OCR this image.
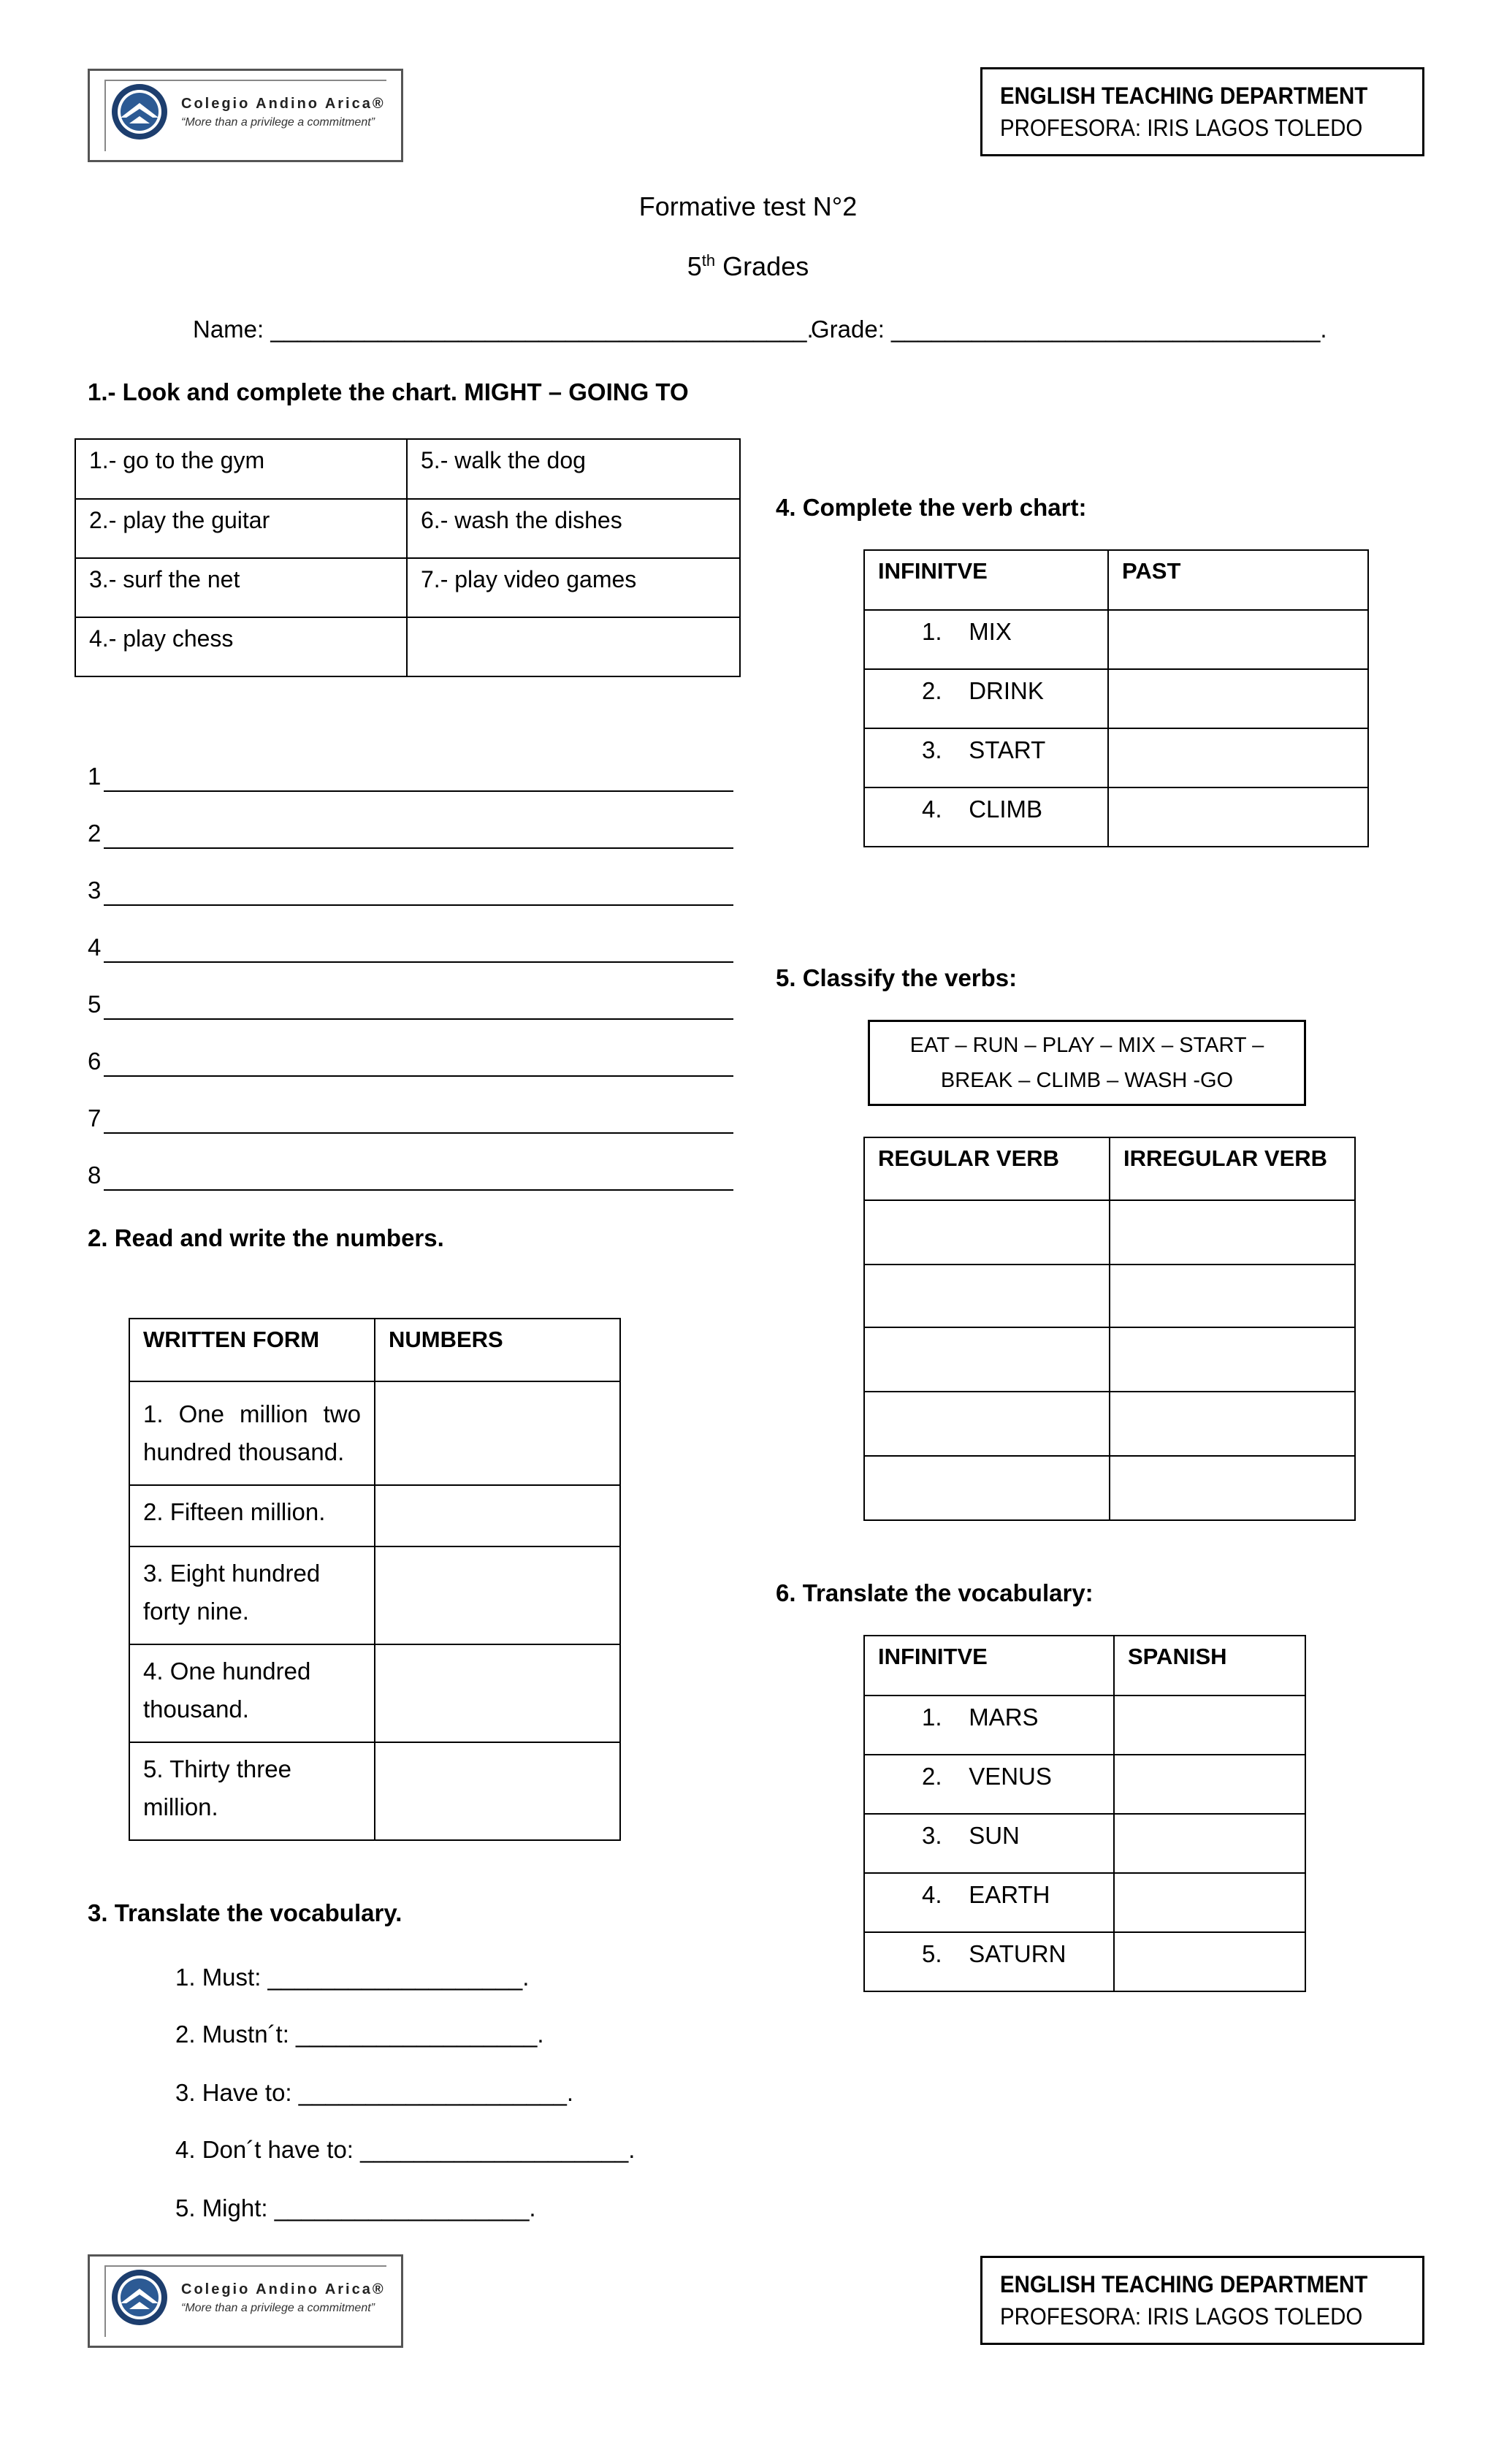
Colegio Andino Arica®
“More than a privilege a commitment”
ENGLISH TEACHING DEPARTMENT
PROFESORA: IRIS LAGOS TOLEDO
Formative test N°2
5th Grades
Name: ________________________________________.
Grade: ________________________________.
1.- Look and complete the chart. MIGHT – GOING TO
1.- go to the gym	5.- walk the dog

2.- play the guitar	6.- wash the dishes

3.- surf the net	7.- play video games

4.- play chess	

1
2
3
4
5
6
7
8
2. Read and write the numbers.
WRITTEN FORM	NUMBERS

1. One million two hundred thousand.	

2. Fifteen million.	

3. Eight hundred forty nine.	

4. One hundred thousand.	

5. Thirty three million.	

3. Translate the vocabulary.
1. Must: ___________________.
2. Mustn´t: __________________.
3. Have to: ____________________.
4. Don´t have to: ____________________.
5. Might: ___________________.
4. Complete the verb chart:
INFINITVE	PAST

1.    MIX	

2.    DRINK	

3.    START	

4.    CLIMB	

5. Classify the verbs:
EAT – RUN – PLAY – MIX – START –
BREAK – CLIMB – WASH -GO
REGULAR VERB	IRREGULAR VERB

6. Translate the vocabulary:
INFINITVE	SPANISH

1.    MARS	

2.    VENUS	

3.    SUN	

4.    EARTH	

5.    SATURN	

Colegio Andino Arica®
“More than a privilege a commitment”
ENGLISH TEACHING DEPARTMENT
PROFESORA: IRIS LAGOS TOLEDO
